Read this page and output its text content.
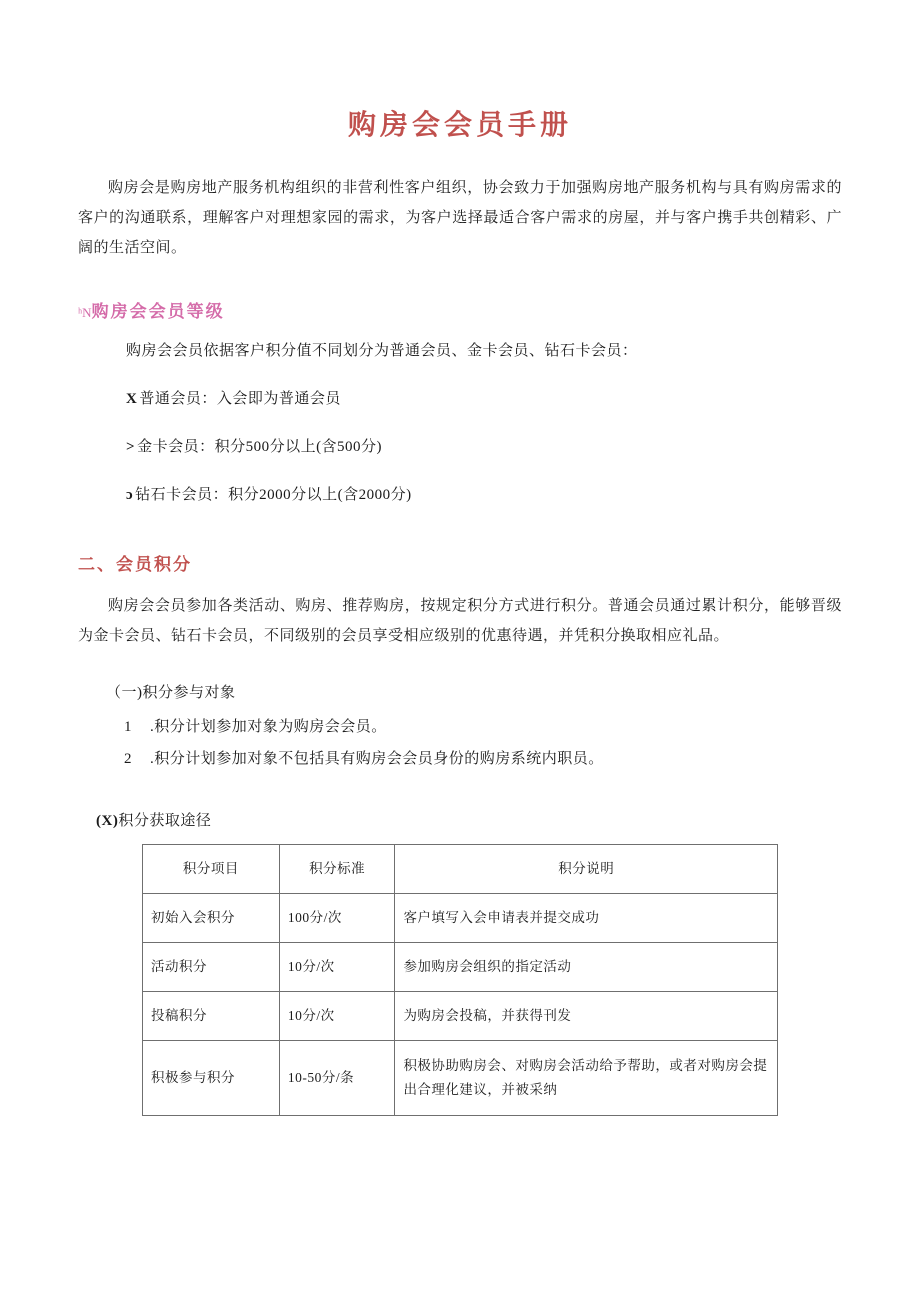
购房会会员手册

购房会是购房地产服务机构组织的非营利性客户组织，协会致力于加强购房地产服务机构与具有购房需求的客户的沟通联系，理解客户对理想家园的需求，为客户选择最适合客户需求的房屋，并与客户携手共创精彩、广阔的生活空间。

ʰN购房会会员等级
购房会会员依据客户积分值不同划分为普通会员、金卡会员、钻石卡会员：
X 普通会员：入会即为普通会员
> 金卡会员：积分500分以上(含500分)
ɔ 钻石卡会员：积分2000分以上(含2000分)
二、会员积分

购房会会员参加各类活动、购房、推荐购房，按规定积分方式进行积分。普通会员通过累计积分，能够晋级为金卡会员、钻石卡会员，不同级别的会员享受相应级别的优惠待遇，并凭积分换取相应礼品。

（一)积分参与对象
1 .积分计划参加对象为购房会会员。
2 .积分计划参加对象不包括具有购房会会员身份的购房系统内职员。
(X)积分获取途径
积分项目	积分标准	积分说明
初始入会积分	100分/次	客户填写入会申请表并提交成功
活动积分	10分/次	参加购房会组织的指定活动
投稿积分	10分/次	为购房会投稿，并获得刊发
积极参与积分	10-50分/条	积极协助购房会、对购房会活动给予帮助，或者对购房会提出合理化建议，并被采纳
